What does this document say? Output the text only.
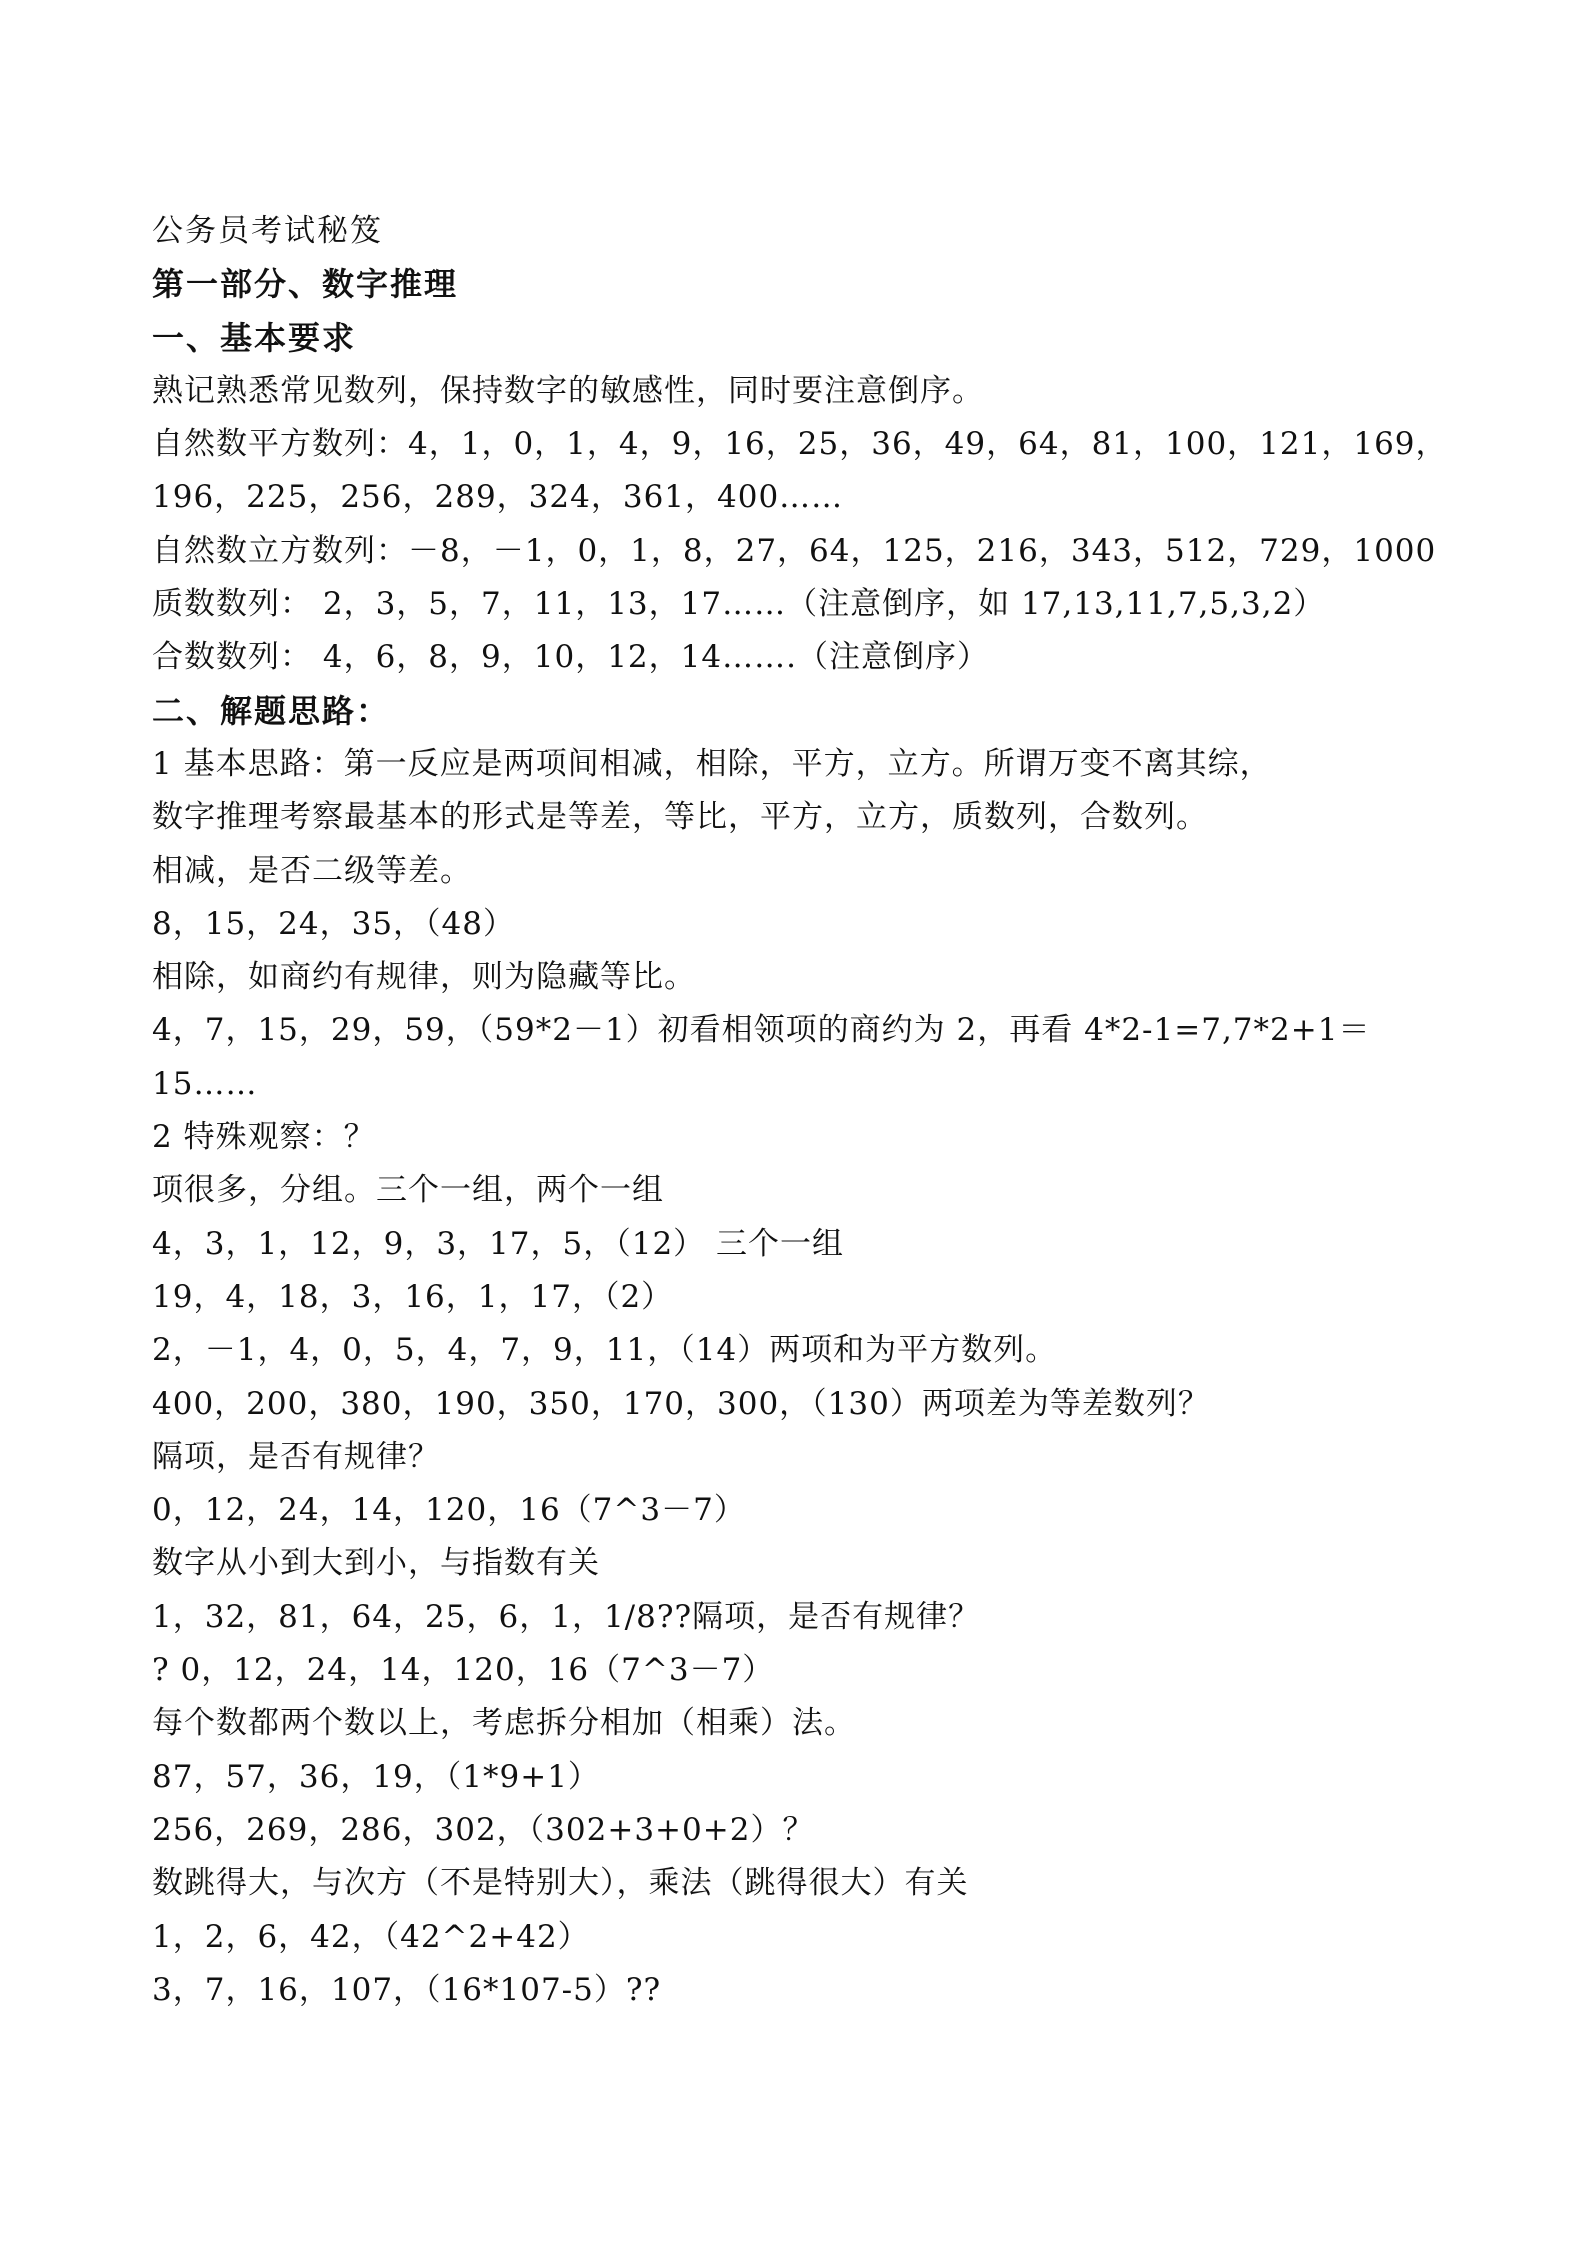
公务员考试秘笈
第一部分、数字推理
一、基本要求
熟记熟悉常见数列，保持数字的敏感性，同时要注意倒序。
自然数平方数列：4，1，0，1，4，9，16，25，36，49，64，81，100，121，169，
196，225，256，289，324，361，400……
自然数立方数列：－8，－1，0，1，8，27，64，125，216，343，512，729，1000
质数数列： 2，3，5，7，11，13，17……（注意倒序，如 17,13,11,7,5,3,2）
合数数列： 4，6，8，9，10，12，14…….（注意倒序）
二、解题思路：
1 基本思路：第一反应是两项间相减，相除，平方，立方。所谓万变不离其综，
数字推理考察最基本的形式是等差，等比，平方，立方，质数列，合数列。
相减，是否二级等差。
8，15，24，35，（48）
相除，如商约有规律，则为隐藏等比。
4，7，15，29，59，（59*2－1）初看相领项的商约为 2，再看 4*2-1=7,7*2+1＝
15……
2 特殊观察：？
项很多，分组。三个一组，两个一组
4，3，1，12，9，3，17，5，（12） 三个一组
19，4，18，3，16，1，17，（2）
2，－1，4，0，5，4，7，9，11，（14）两项和为平方数列。
400，200，380，190，350，170，300，（130）两项差为等差数列？
隔项，是否有规律？
0，12，24，14，120，16（7^3－7）
数字从小到大到小，与指数有关
1，32，81，64，25，6，1，1/8??隔项，是否有规律？
? 0，12，24，14，120，16（7^3－7）
每个数都两个数以上，考虑拆分相加（相乘）法。
87，57，36，19，（1*9+1）
256，269，286，302，（302+3+0+2）？
数跳得大，与次方（不是特别大），乘法（跳得很大）有关
1，2，6，42，（42^2+42）
3，7，16，107，（16*107-5）??
